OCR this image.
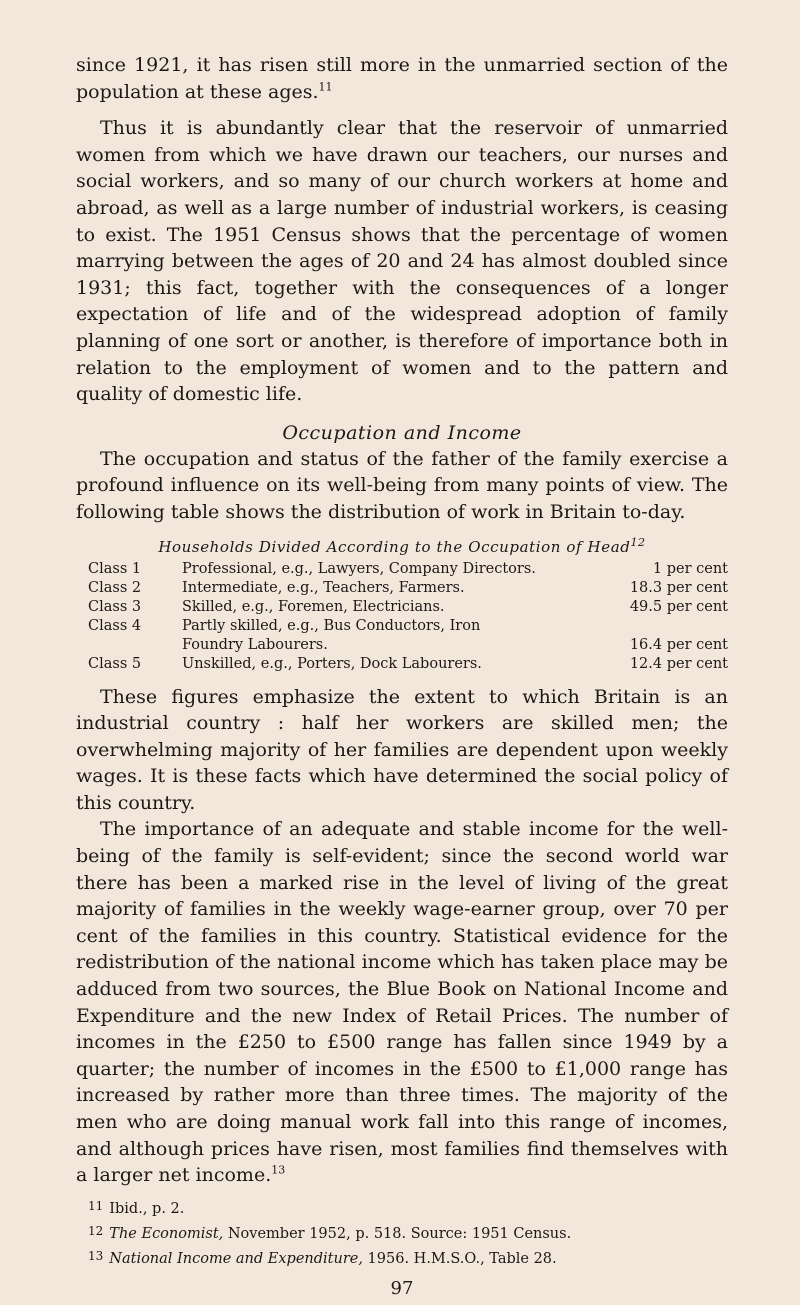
since 1921, it has risen still more in the unmarried section of the population at these ages.$^{11}$

Thus it is abundantly clear that the reservoir of unmarried women from which we have drawn our teachers, our nurses and social workers, and so many of our church workers at home and abroad, as well as a large number of industrial workers, is ceasing to exist. The 1951 Census shows that the percentage of women marrying between the ages of 20 and 24 has almost doubled since 1931; this fact, together with the consequences of a longer expectation of life and of the widespread adoption of family planning of one sort or another, is therefore of importance both in relation to the employment of women and to the pattern and quality of domestic life.

Occupation and Income

The occupation and status of the father of the family exercise a profound influence on its well-being from many points of view. The following table shows the distribution of work in Britain to-day.

Households Divided According to the Occupation of Head$^{12}$
Class 1	Professional, e.g., Lawyers, Company Directors.	1 per cent
Class 2	Intermediate, e.g., Teachers, Farmers.	18.3 per cent
Class 3	Skilled, e.g., Foremen, Electricians.	49.5 per cent
Class 4	Partly skilled, e.g., Bus Conductors, Iron	
	Foundry Labourers.	16.4 per cent
Class 5	Unskilled, e.g., Porters, Dock Labourers.	12.4 per cent

These figures emphasize the extent to which Britain is an industrial country : half her workers are skilled men; the overwhelming majority of her families are dependent upon weekly wages. It is these facts which have determined the social policy of this country.

The importance of an adequate and stable income for the well-being of the family is self-evident; since the second world war there has been a marked rise in the level of living of the great majority of families in the weekly wage-earner group, over 70 per cent of the families in this country. Statistical evidence for the redistribution of the national income which has taken place may be adduced from two sources, the Blue Book on National Income and Expenditure and the new Index of Retail Prices. The number of incomes in the £250 to £500 range has fallen since 1949 by a quarter; the number of incomes in the £500 to £1,000 range has increased by rather more than three times. The majority of the men who are doing manual work fall into this range of incomes, and although prices have risen, most families find themselves with a larger net income.$^{13}$

$^{11}$ Ibid., p. 2.

$^{12}$ The Economist, November 1952, p. 518. Source: 1951 Census.

$^{13}$ National Income and Expenditure, 1956. H.M.S.O., Table 28.

97
